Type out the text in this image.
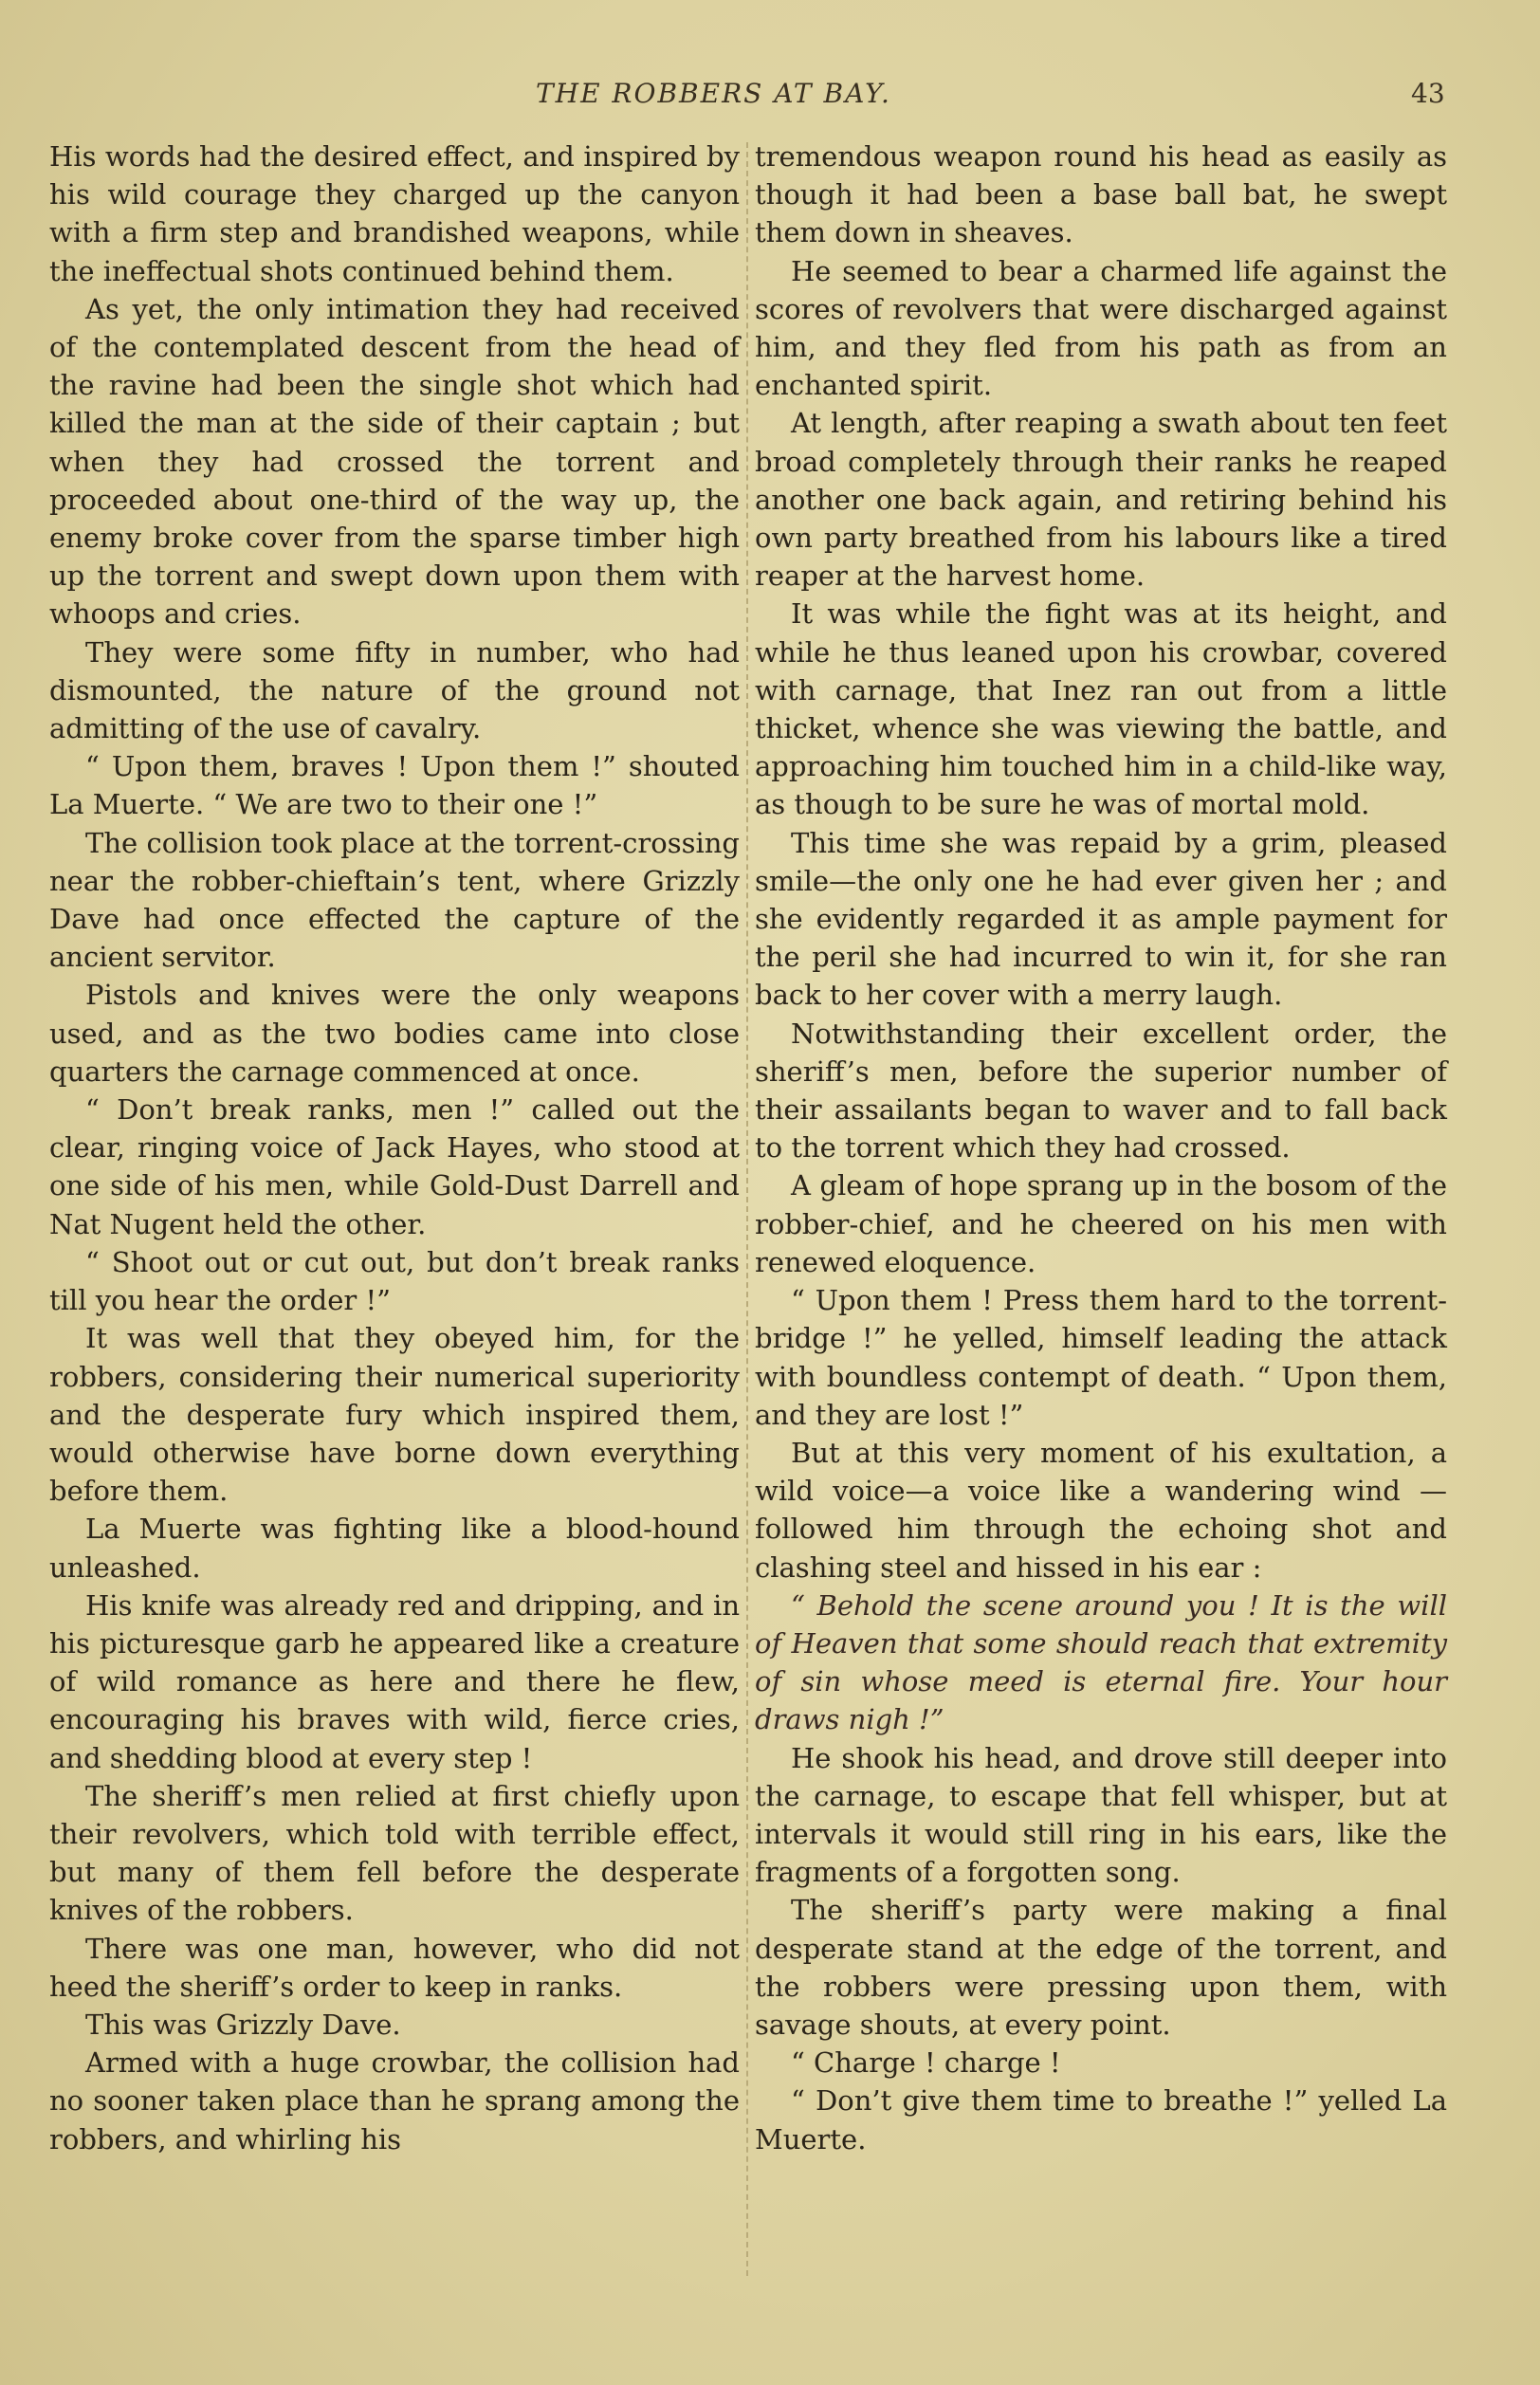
THE ROBBERS AT BAY.	43

His words had the desired effect, and inspired by his wild courage they charged up the canyon with a firm step and brandished weapons, while the ineffectual shots continued behind them.

As yet, the only intimation they had received of the contemplated descent from the head of the ravine had been the single shot which had killed the man at the side of their captain ; but when they had crossed the torrent and proceeded about one-third of the way up, the enemy broke cover from the sparse timber high up the torrent and swept down upon them with whoops and cries.

They were some fifty in number, who had dismounted, the nature of the ground not admitting of the use of cavalry.

“ Upon them, braves ! Upon them !” shouted La Muerte. “ We are two to their one !”

The collision took place at the torrent-crossing near the robber-chieftain’s tent, where Grizzly Dave had once effected the capture of the ancient servitor.

Pistols and knives were the only weapons used, and as the two bodies came into close quarters the carnage commenced at once.

“ Don’t break ranks, men !” called out the clear, ringing voice of Jack Hayes, who stood at one side of his men, while Gold-Dust Darrell and Nat Nugent held the other.

“ Shoot out or cut out, but don’t break ranks till you hear the order !”

It was well that they obeyed him, for the robbers, considering their numerical superiority and the desperate fury which inspired them, would otherwise have borne down everything before them.

La Muerte was fighting like a blood-hound unleashed.

His knife was already red and dripping, and in his picturesque garb he appeared like a creature of wild romance as here and there he flew, encouraging his braves with wild, fierce cries, and shedding blood at every step !

The sheriff’s men relied at first chiefly upon their revolvers, which told with terrible effect, but many of them fell before the desperate knives of the robbers.

There was one man, however, who did not heed the sheriff’s order to keep in ranks.

This was Grizzly Dave.

Armed with a huge crowbar, the collision had no sooner taken place than he sprang among the robbers, and whirling his

tremendous weapon round his head as easily as though it had been a base ball bat, he swept them down in sheaves.

He seemed to bear a charmed life against the scores of revolvers that were discharged against him, and they fled from his path as from an enchanted spirit.

At length, after reaping a swath about ten feet broad completely through their ranks he reaped another one back again, and retiring behind his own party breathed from his labours like a tired reaper at the harvest home.

It was while the fight was at its height, and while he thus leaned upon his crowbar, covered with carnage, that Inez ran out from a little thicket, whence she was viewing the battle, and approaching him touched him in a child-like way, as though to be sure he was of mortal mold.

This time she was repaid by a grim, pleased smile—the only one he had ever given her ; and she evidently regarded it as ample payment for the peril she had incurred to win it, for she ran back to her cover with a merry laugh.

Notwithstanding their excellent order, the sheriff’s men, before the superior number of their assailants began to waver and to fall back to the torrent which they had crossed.

A gleam of hope sprang up in the bosom of the robber-chief, and he cheered on his men with renewed eloquence.

“ Upon them ! Press them hard to the torrent-bridge !” he yelled, himself leading the attack with boundless contempt of death. “ Upon them, and they are lost !”

But at this very moment of his exultation, a wild voice—a voice like a wandering wind —followed him through the echoing shot and clashing steel and hissed in his ear :

“ Behold the scene around you ! It is the will of Heaven that some should reach that extremity of sin whose meed is eternal fire. Your hour draws nigh !”

He shook his head, and drove still deeper into the carnage, to escape that fell whisper, but at intervals it would still ring in his ears, like the fragments of a forgotten song.

The sheriff’s party were making a final desperate stand at the edge of the torrent, and the robbers were pressing upon them, with savage shouts, at every point.

“ Charge ! charge !

“ Don’t give them time to breathe !” yelled La Muerte.
